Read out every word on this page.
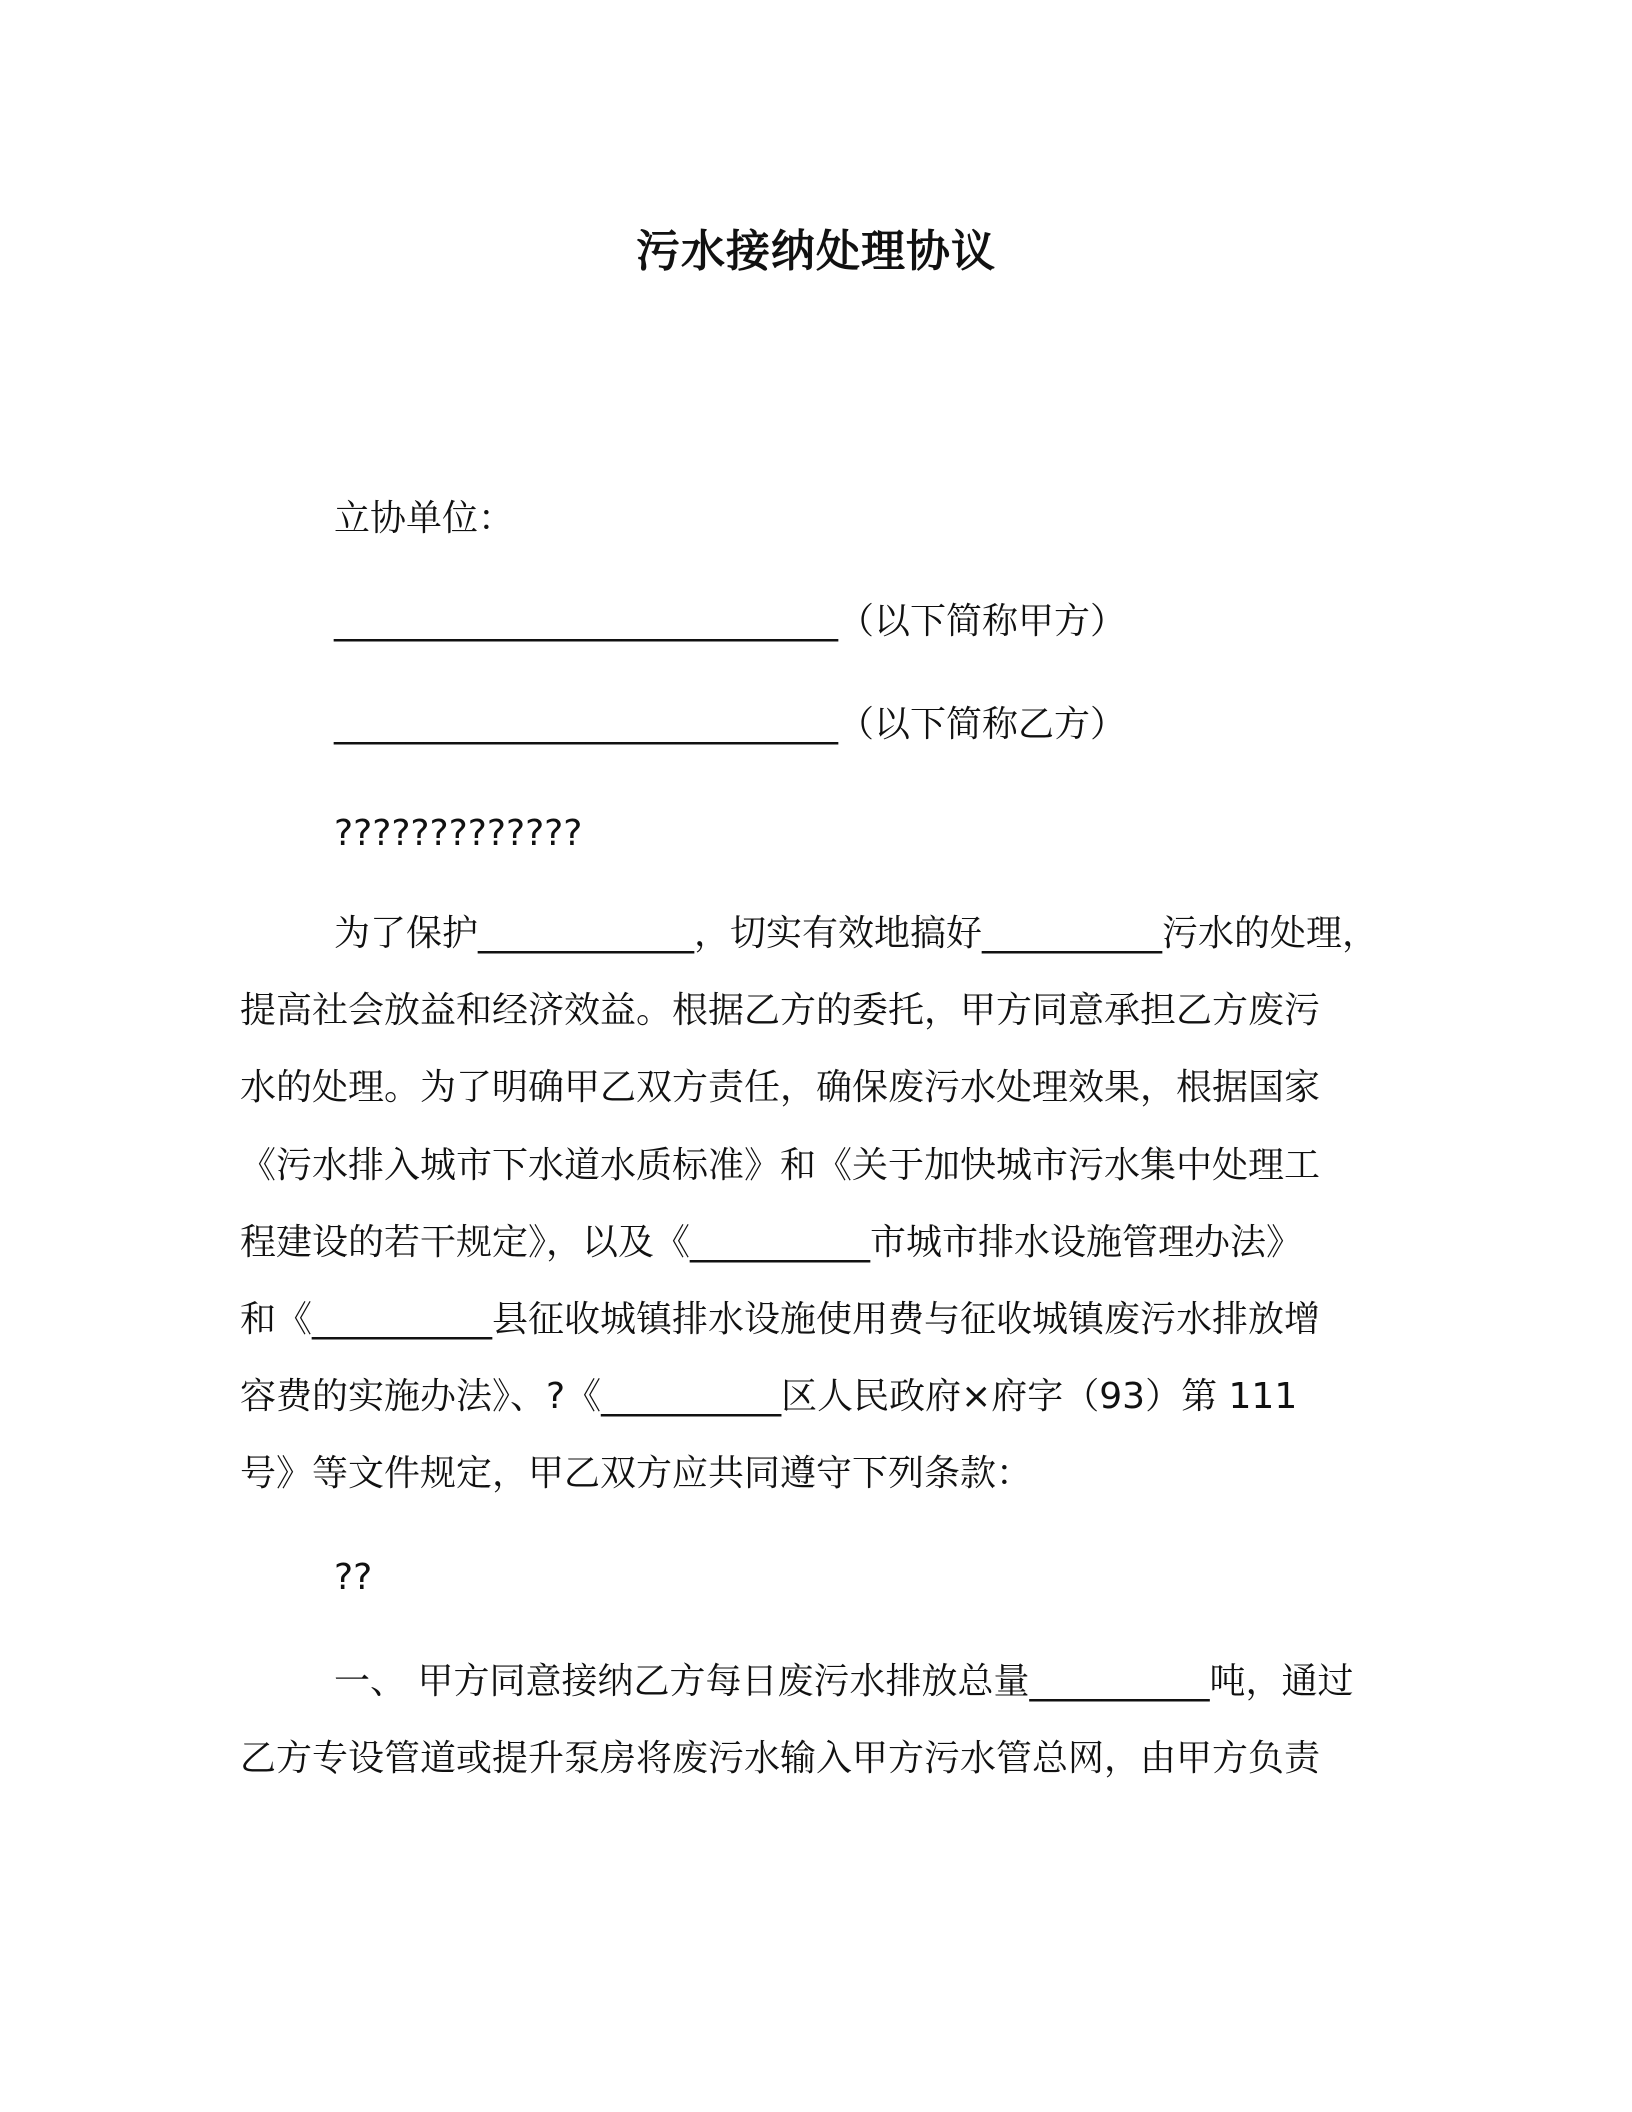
污水接纳处理协议
立协单位：
____________________________（以下简称甲方）
____________________________（以下简称乙方）
?????????????
为了保护____________，切实有效地搞好__________污水的处理，
提高社会放益和经济效益。根据乙方的委托，甲方同意承担乙方废污
水的处理。为了明确甲乙双方责任，确保废污水处理效果，根据国家
《污水排入城市下水道水质标准》和《关于加快城市污水集中处理工
程建设的若干规定》，以及《__________市城市排水设施管理办法》
和《__________县征收城镇排水设施使用费与征收城镇废污水排放增
容费的实施办法》、?《__________区人民政府×府字（93）第 111
号》等文件规定，甲乙双方应共同遵守下列条款：
??
一、 甲方同意接纳乙方每日废污水排放总量__________吨，通过
乙方专设管道或提升泵房将废污水输入甲方污水管总网，由甲方负责
